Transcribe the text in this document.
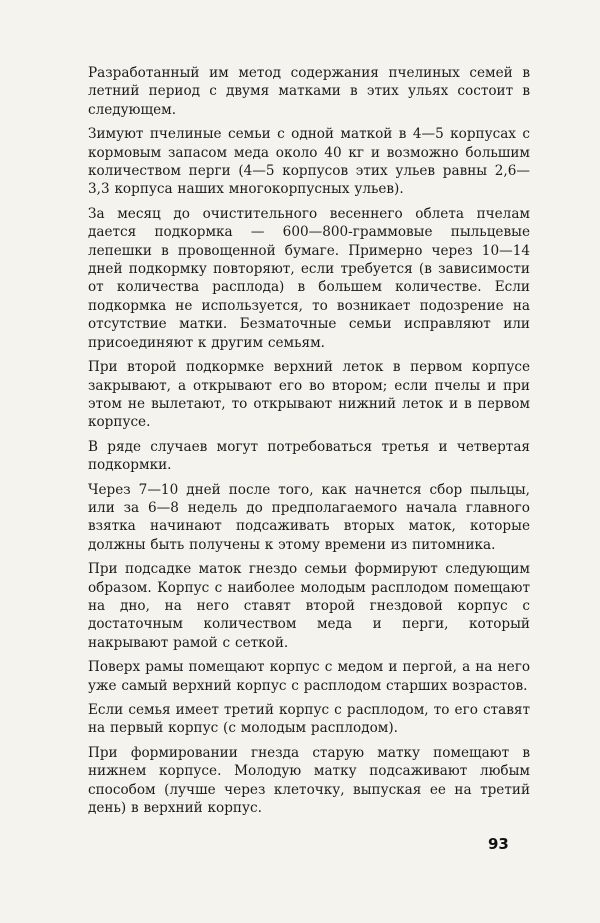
Разработанный им метод содержания пчелиных семей в летний период с двумя матками в этих ульях состоит в следующем.

Зимуют пчелиные семьи с одной маткой в 4—5 корпусах с кормовым запасом меда около 40 кг и возможно большим количеством перги (4—5 корпусов этих ульев равны 2,6—3,3 корпуса наших многокорпусных ульев).

За месяц до очистительного весеннего облета пчелам дается подкормка — 600—800-граммовые пыльцевые лепешки в провощенной бумаге. Примерно через 10—14 дней подкормку повторяют, если требуется (в зависимости от количества расплода) в большем количестве. Если подкормка не используется, то возникает подозрение на отсутствие матки. Безматочные семьи исправляют или присоединяют к другим семьям.

При второй подкормке верхний леток в первом корпусе закрывают, а открывают его во втором; если пчелы и при этом не вылетают, то открывают нижний леток и в первом корпусе.

В ряде случаев могут потребоваться третья и четвертая подкормки.

Через 7—10 дней после того, как начнется сбор пыльцы, или за 6—8 недель до предполагаемого начала главного взятка начинают подсаживать вторых маток, которые должны быть получены к этому времени из питомника.

При подсадке маток гнездо семьи формируют следующим образом. Корпус с наиболее молодым расплодом помещают на дно, на него ставят второй гнездовой корпус с достаточным количеством меда и перги, который накрывают рамой с сеткой.

Поверх рамы помещают корпус с медом и пергой, а на него уже самый верхний корпус с расплодом старших возрастов.

Если семья имеет третий корпус с расплодом, то его ставят на первый корпус (с молодым расплодом).

При формировании гнезда старую матку помещают в нижнем корпусе. Молодую матку подсаживают любым способом (лучше через клеточку, выпуская ее на третий день) в верхний корпус.

93
